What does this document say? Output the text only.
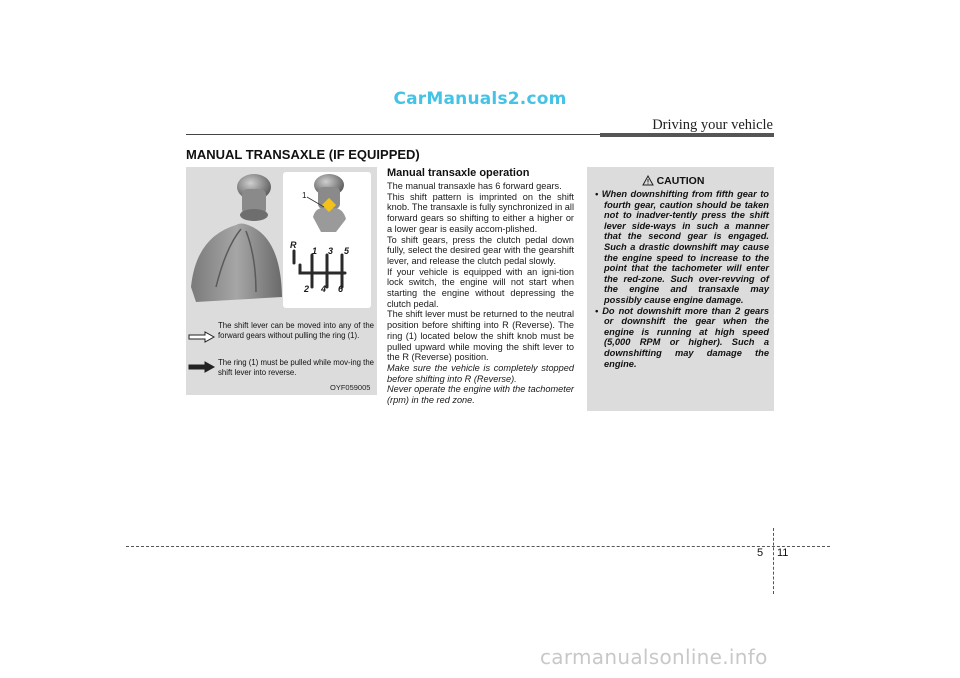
CarManuals2.com
Driving your vehicle
MANUAL TRANSAXLE (IF EQUIPPED)
1
R
1 3 5
2 4 6
The shift lever can be moved into any of the forward gears without pulling the ring (1).
The ring (1) must be pulled while mov-ing the shift lever into reverse.
OYF059005

Manual transaxle operation

The manual transaxle has 6 forward gears.

This shift pattern is imprinted on the shift knob. The transaxle is fully synchronized in all forward gears so shifting to either a higher or a lower gear is easily accom-plished.

To shift gears, press the clutch pedal down fully, select the desired gear with the gearshift lever, and release the clutch pedal slowly.

If your vehicle is equipped with an igni-tion lock switch, the engine will not start when starting the engine without depressing the clutch pedal.

The shift lever must be returned to the neutral position before shifting into R (Reverse). The ring (1) located below the shift knob must be pulled upward while moving the shift lever to the R (Reverse) position.

Make sure the vehicle is completely stopped before shifting into R (Reverse).

Never operate the engine with the tachometer (rpm) in the red zone.

CAUTION
• When downshifting from fifth gear to fourth gear, caution should be taken not to inadver-tently press the shift lever side-ways in such a manner that the second gear is engaged. Such a drastic downshift may cause the engine speed to increase to the point that the tachometer will enter the red-zone. Such over-revving of the engine and transaxle may possibly cause engine damage.
• Do not downshift more than 2 gears or downshift the gear when the engine is running at high speed (5,000 RPM or higher). Such a downshifting may damage the engine.
5 11
carmanualsonline.info
